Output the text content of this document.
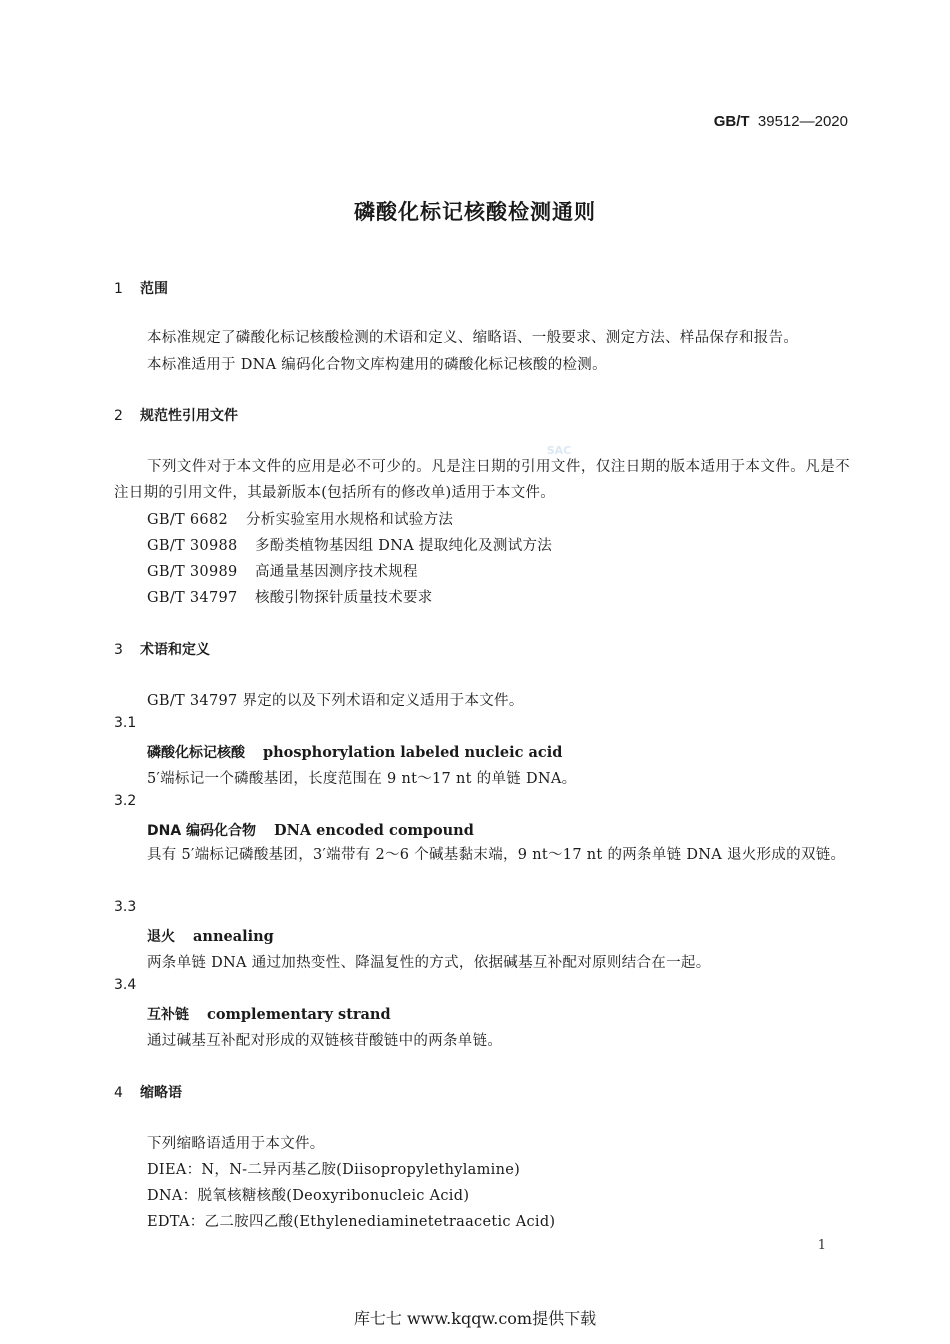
GB/T 39512—2020
磷酸化标记核酸检测通则
SAC
1 范围
本标准规定了磷酸化标记核酸检测的术语和定义、缩略语、一般要求、测定方法、样品保存和报告。
本标准适用于 DNA 编码化合物文库构建用的磷酸化标记核酸的检测。
2 规范性引用文件
下列文件对于本文件的应用是必不可少的。凡是注日期的引用文件，仅注日期的版本适用于本文件。凡是不注日期的引用文件，其最新版本(包括所有的修改单)适用于本文件。
GB/T 6682 分析实验室用水规格和试验方法
GB/T 30988 多酚类植物基因组 DNA 提取纯化及测试方法
GB/T 30989 高通量基因测序技术规程
GB/T 34797 核酸引物探针质量技术要求
3 术语和定义
GB/T 34797 界定的以及下列术语和定义适用于本文件。
3.1
磷酸化标记核酸 phosphorylation labeled nucleic acid
5′端标记一个磷酸基团，长度范围在 9 nt～17 nt 的单链 DNA。
3.2
DNA 编码化合物 DNA encoded compound
具有 5′端标记磷酸基团，3′端带有 2～6 个碱基黏末端，9 nt～17 nt 的两条单链 DNA 退火形成的双链。
3.3
退火 annealing
两条单链 DNA 通过加热变性、降温复性的方式，依据碱基互补配对原则结合在一起。
3.4
互补链 complementary strand
通过碱基互补配对形成的双链核苷酸链中的两条单链。
4 缩略语
下列缩略语适用于本文件。
DIEA：N，N-二异丙基乙胺(Diisopropylethylamine)
DNA：脱氧核糖核酸(Deoxyribonucleic Acid)
EDTA：乙二胺四乙酸(Ethylenediaminetetraacetic Acid)
1
库七七 www.kqqw.com提供下载
